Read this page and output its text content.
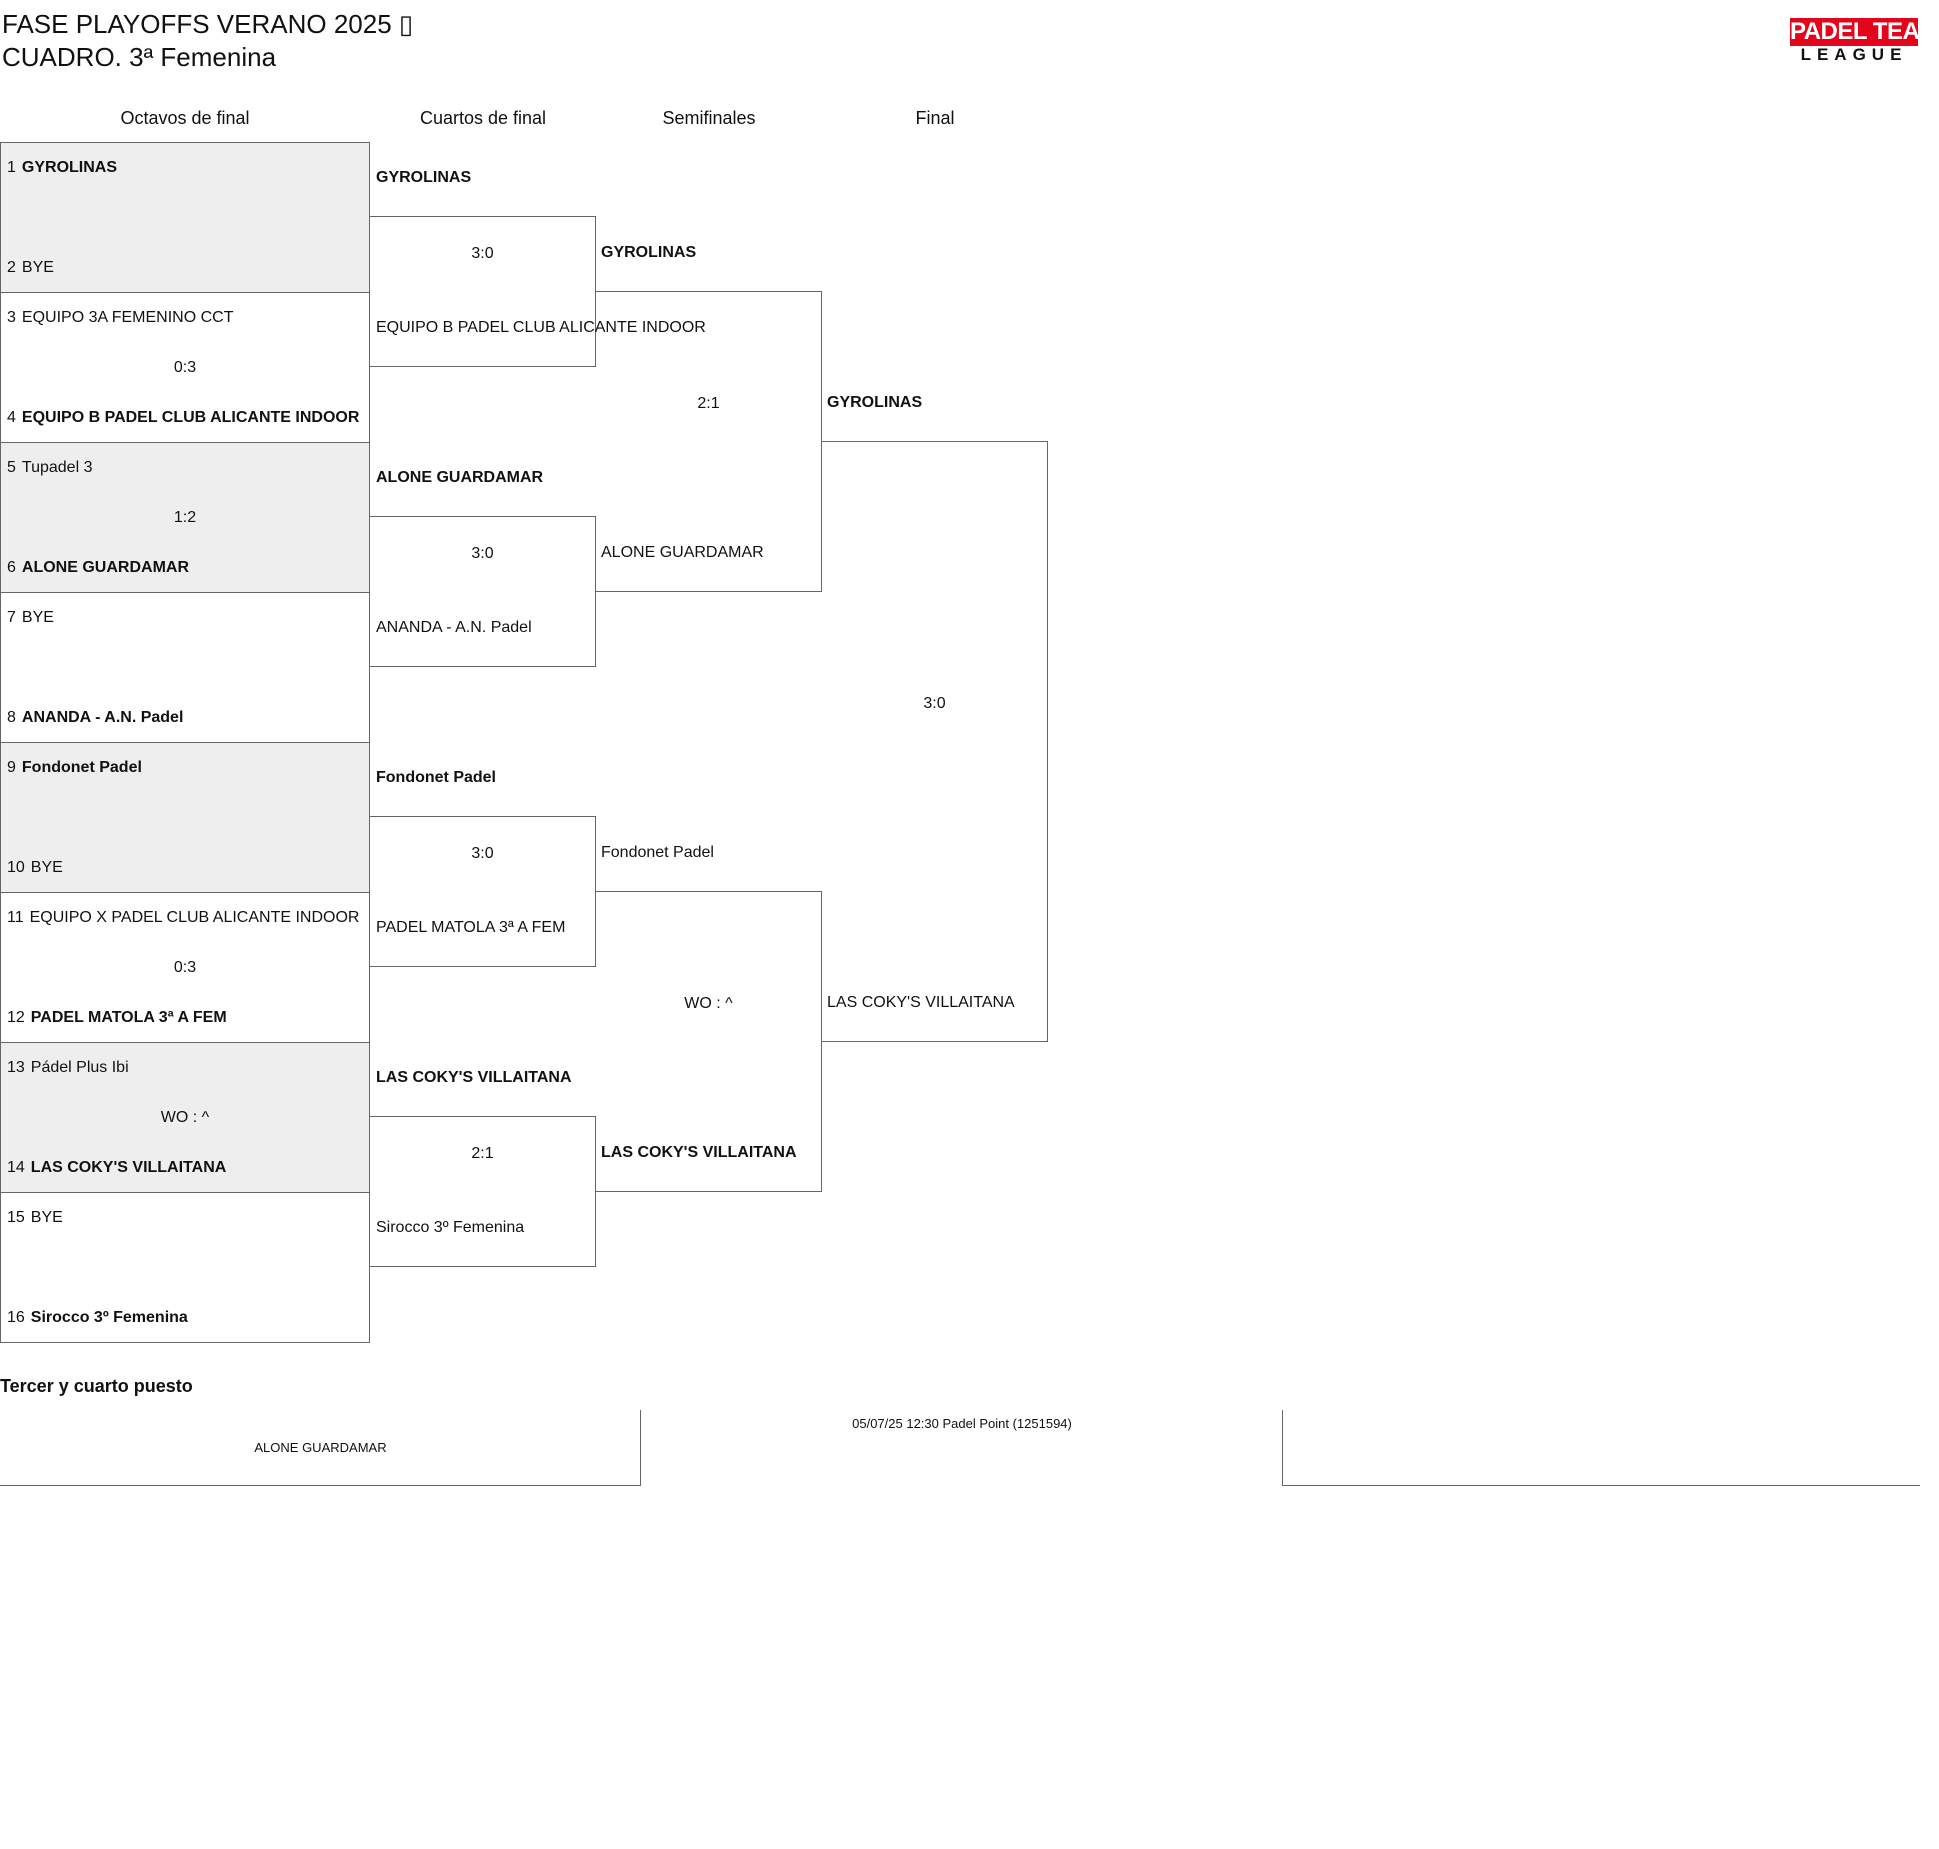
FASE PLAYOFFS VERANO 2025 ▯
CUADRO. 3ª Femenina
PADEL TEAM
LEAGUE
Octavos de final	Cuartos de final	Semifinales	Final
1 GYROLINAS
2 BYE
3 EQUIPO 3A FEMENINO CCT
0:3
4 EQUIPO B PADEL CLUB ALICANTE INDOOR
5 Tupadel 3
1:2
6 ALONE GUARDAMAR
7 BYE
8 ANANDA - A.N. Padel
9 Fondonet Padel
10 BYE
11 EQUIPO X PADEL CLUB ALICANTE INDOOR
0:3
12 PADEL MATOLA 3ª A FEM
13 Pádel Plus Ibi
WO : ^
14 LAS COKY'S VILLAITANA
15 BYE
16 Sirocco 3º Femenina
GYROLINAS
3:0
EQUIPO B PADEL CLUB ALICANTE INDOOR
ALONE GUARDAMAR
3:0
ANANDA - A.N. Padel
Fondonet Padel
3:0
PADEL MATOLA 3ª A FEM
LAS COKY'S VILLAITANA
2:1
Sirocco 3º Femenina
GYROLINAS
2:1
ALONE GUARDAMAR
Fondonet Padel
WO : ^
LAS COKY'S VILLAITANA
GYROLINAS
3:0
LAS COKY'S VILLAITANA
Tercer y cuarto puesto
ALONE GUARDAMAR
05/07/25 12:30 Padel Point (1251594)
